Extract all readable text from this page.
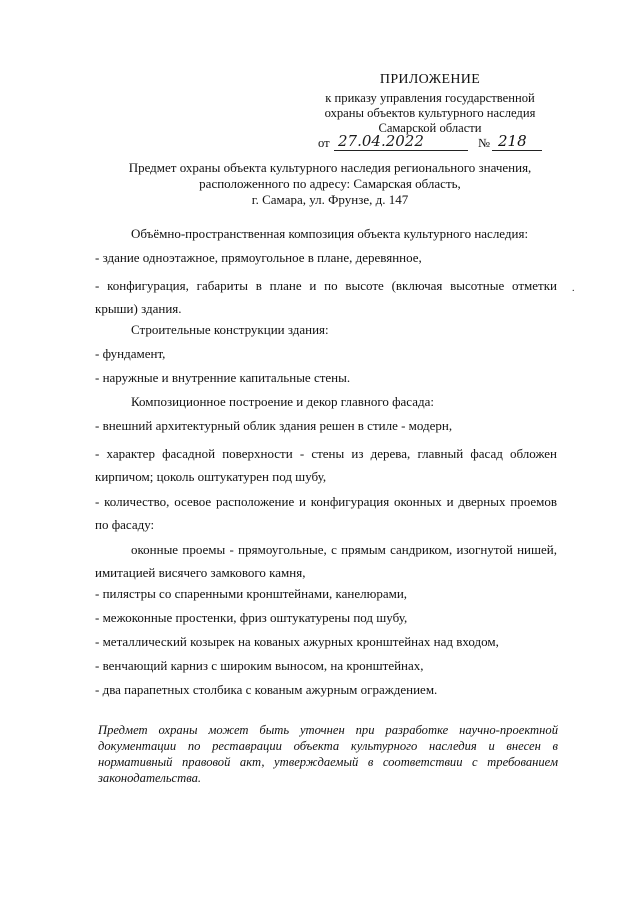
ПРИЛОЖЕНИЕ
к приказу управления государственной
охраны объектов культурного наследия
Самарской области
от 27.04.2022	№ 218
Предмет охраны объекта культурного наследия регионального значения,
расположенного по адресу: Самарская область,
г. Самара, ул. Фрунзе, д. 147
Объёмно-пространственная композиция объекта культурного наследия:
- здание одноэтажное, прямоугольное в плане, деревянное,
- конфигурация, габариты в плане и по высоте (включая высотные отметки крыши) здания.
.
Строительные конструкции здания:
- фундамент,
- наружные и внутренние капитальные стены.
Композиционное построение и декор главного фасада:
- внешний архитектурный облик здания решен в стиле - модерн,
- характер фасадной поверхности - стены из дерева, главный фасад обложен кирпичом; цоколь оштукатурен под шубу,
- количество, осевое расположение и конфигурация оконных и дверных проемов по фасаду:
оконные проемы - прямоугольные, с прямым сандриком, изогнутой нишей, имитацией висячего замкового камня,
- пилястры со спаренными кронштейнами, канелюрами,
- межоконные простенки, фриз оштукатурены под шубу,
- металлический козырек на кованых ажурных кронштейнах над входом,
- венчающий карниз с широким выносом, на кронштейнах,
- два парапетных столбика с кованым ажурным ограждением.
Предмет охраны может быть уточнен при разработке научно-проектной документации по реставрации объекта культурного наследия и внесен в нормативный правовой акт, утверждаемый в соответствии с требованием законодательства.
